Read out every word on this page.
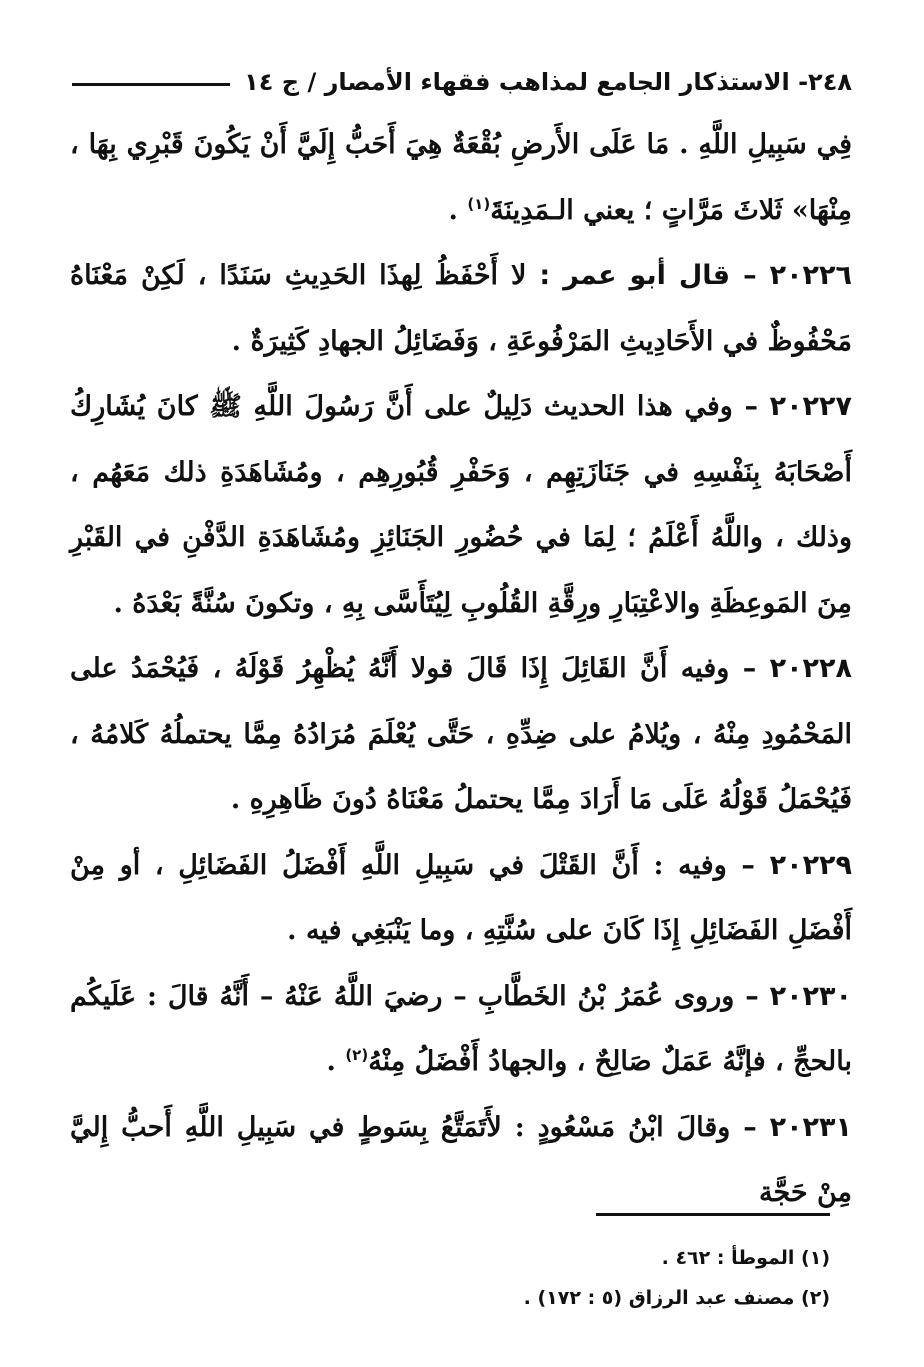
٢٤٨- الاستذكار الجامع لمذاهب فقهاء الأمصار / ج ١٤

فِي سَبِيلِ اللَّهِ . مَا عَلَى الأَرضِ بُقْعَةٌ هِيَ أَحَبُّ إِلَيَّ أَنْ يَكُونَ قَبْرِي بِهَا ، مِنْهَا» ثَلاثَ مَرَّاتٍ ؛ يعني الـمَدِينَةَ$^{(١)}$ .

٢٠٢٢٦ – قال أبو عمر : لا أَحْفَظُ لِهذَا الحَدِيثِ سَنَدًا ، لَكِنْ مَعْنَاهُ مَحْفُوظٌ في الأَحَادِيثِ المَرْفُوعَةِ ، وَفَضَائِلُ الجهادِ كَثِيرَةٌ .

٢٠٢٢٧ – وفي هذا الحديث دَلِيلٌ على أَنَّ رَسُولَ اللَّهِ ﷺ كانَ يُشَارِكُ أَصْحَابَهُ بِنَفْسِهِ في جَنَازَتِهِم ، وَحَفْرِ قُبُورِهِم ، ومُشَاهَدَةِ ذلك مَعَهُم ، وذلك ، واللَّهُ أَعْلَمُ ؛ لِمَا في حُضُورِ الجَنَائِزِ ومُشَاهَدَةِ الدَّفْنِ في القَبْرِ مِنَ المَوعِظَةِ والاعْتِبَارِ ورِقَّةِ القُلُوبِ لِيُتَأَسَّى بِهِ ، وتكونَ سُنَّةً بَعْدَهُ .

٢٠٢٢٨ – وفيه أَنَّ القَائِلَ إِذَا قَالَ قولا أَنَّهُ يُظْهِرُ قَوْلَهُ ، فَيُحْمَدُ على المَحْمُودِ مِنْهُ ، ويُلامُ على ضِدِّهِ ، حَتَّى يُعْلَمَ مُرَادُهُ مِمَّا يحتملُهُ كَلامُهُ ، فَيُحْمَلُ قَوْلُهُ عَلَى مَا أَرَادَ مِمَّا يحتملُ مَعْنَاهُ دُونَ ظَاهِرِهِ .

٢٠٢٢٩ – وفيه : أَنَّ القَتْلَ في سَبِيلِ اللَّهِ أَفْضَلُ الفَضَائِلِ ، أو مِنْ أَفْضَلِ الفَضَائِلِ إِذَا كَانَ على سُنَّتِهِ ، وما يَنْبَغِي فيه .

٢٠٢٣٠ – وروى عُمَرُ بْنُ الخَطَّابِ – رضيَ اللَّهُ عَنْهُ – أَنَّهُ قالَ : عَلَيكُم بالحجِّ ، فإنَّهُ عَمَلٌ صَالِحٌ ، والجهادُ أَفْضَلُ مِنْهُ$^{(٢)}$ .

٢٠٢٣١ – وقالَ ابْنُ مَسْعُودٍ : لأَتَمَتَّعُ بِسَوطٍ في سَبِيلِ اللَّهِ أَحبُّ إِليَّ مِنْ حَجَّة

(١) الموطأ : ٤٦٢ .

(٢) مصنف عبد الرزاق (٥ : ١٧٢) .
